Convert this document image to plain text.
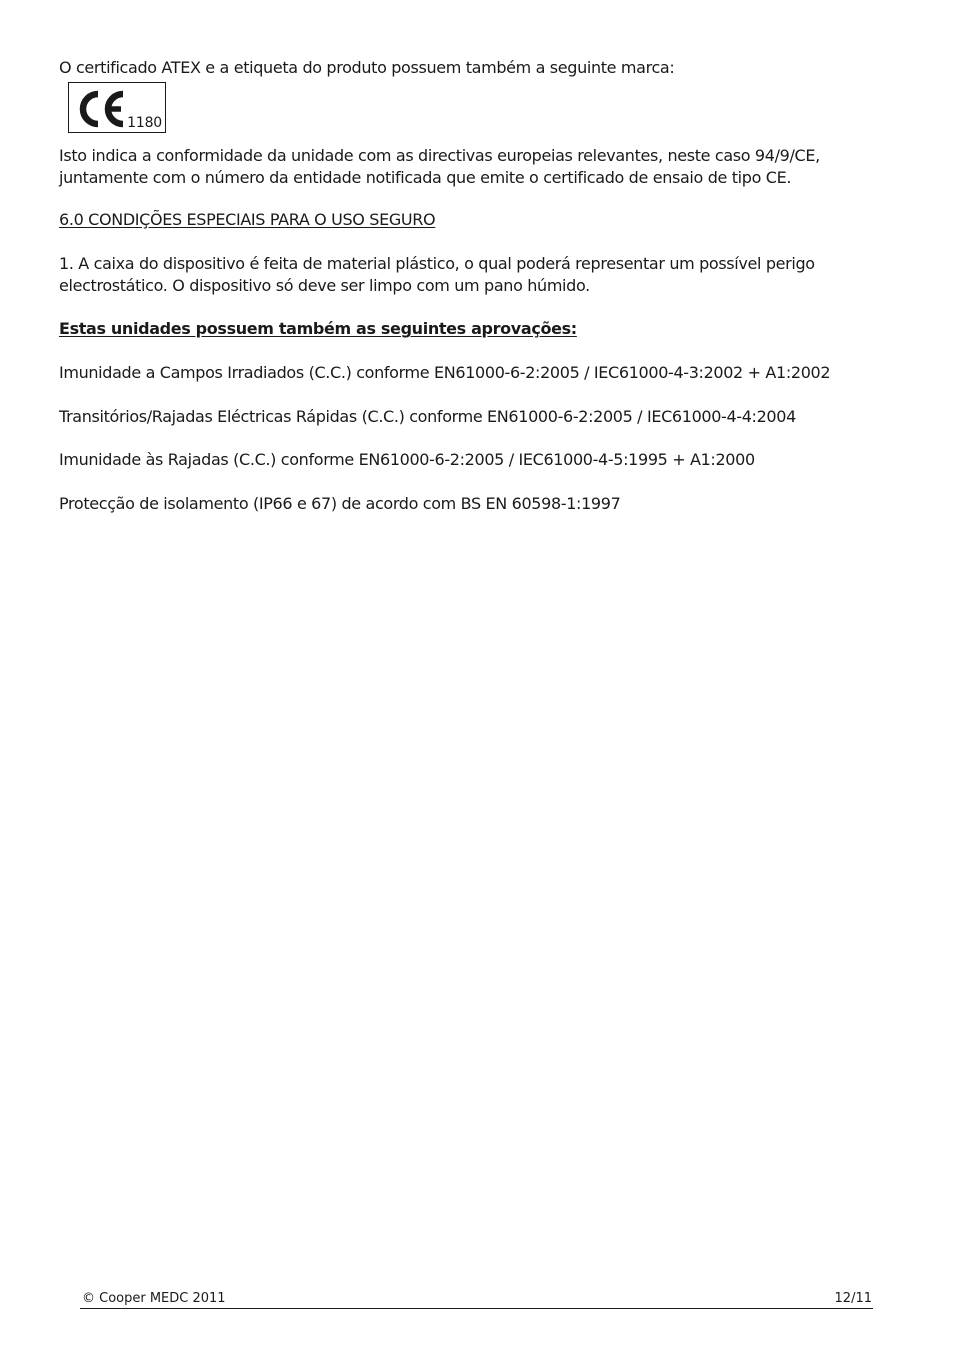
O certificado ATEX e a etiqueta do produto possuem também a seguinte marca:

1180

Isto indica a conformidade da unidade com as directivas europeias relevantes, neste caso 94/9/CE, juntamente com o número da entidade notificada que emite o certificado de ensaio de tipo CE.

6.0 CONDIÇÕES ESPECIAIS PARA O USO SEGURO

1. A caixa do dispositivo é feita de material plástico, o qual poderá representar um possível perigo electrostático. O dispositivo só deve ser limpo com um pano húmido.

Estas unidades possuem também as seguintes aprovações:

Imunidade a Campos Irradiados (C.C.) conforme EN61000-6-2:2005 / IEC61000-4-3:2002 + A1:2002

Transitórios/Rajadas Eléctricas Rápidas (C.C.) conforme EN61000-6-2:2005 / IEC61000-4-4:2004

Imunidade às Rajadas (C.C.) conforme EN61000-6-2:2005 / IEC61000-4-5:1995 + A1:2000

Protecção de isolamento (IP66 e 67) de acordo com BS EN 60598-1:1997

© Cooper MEDC 2011	12/11
